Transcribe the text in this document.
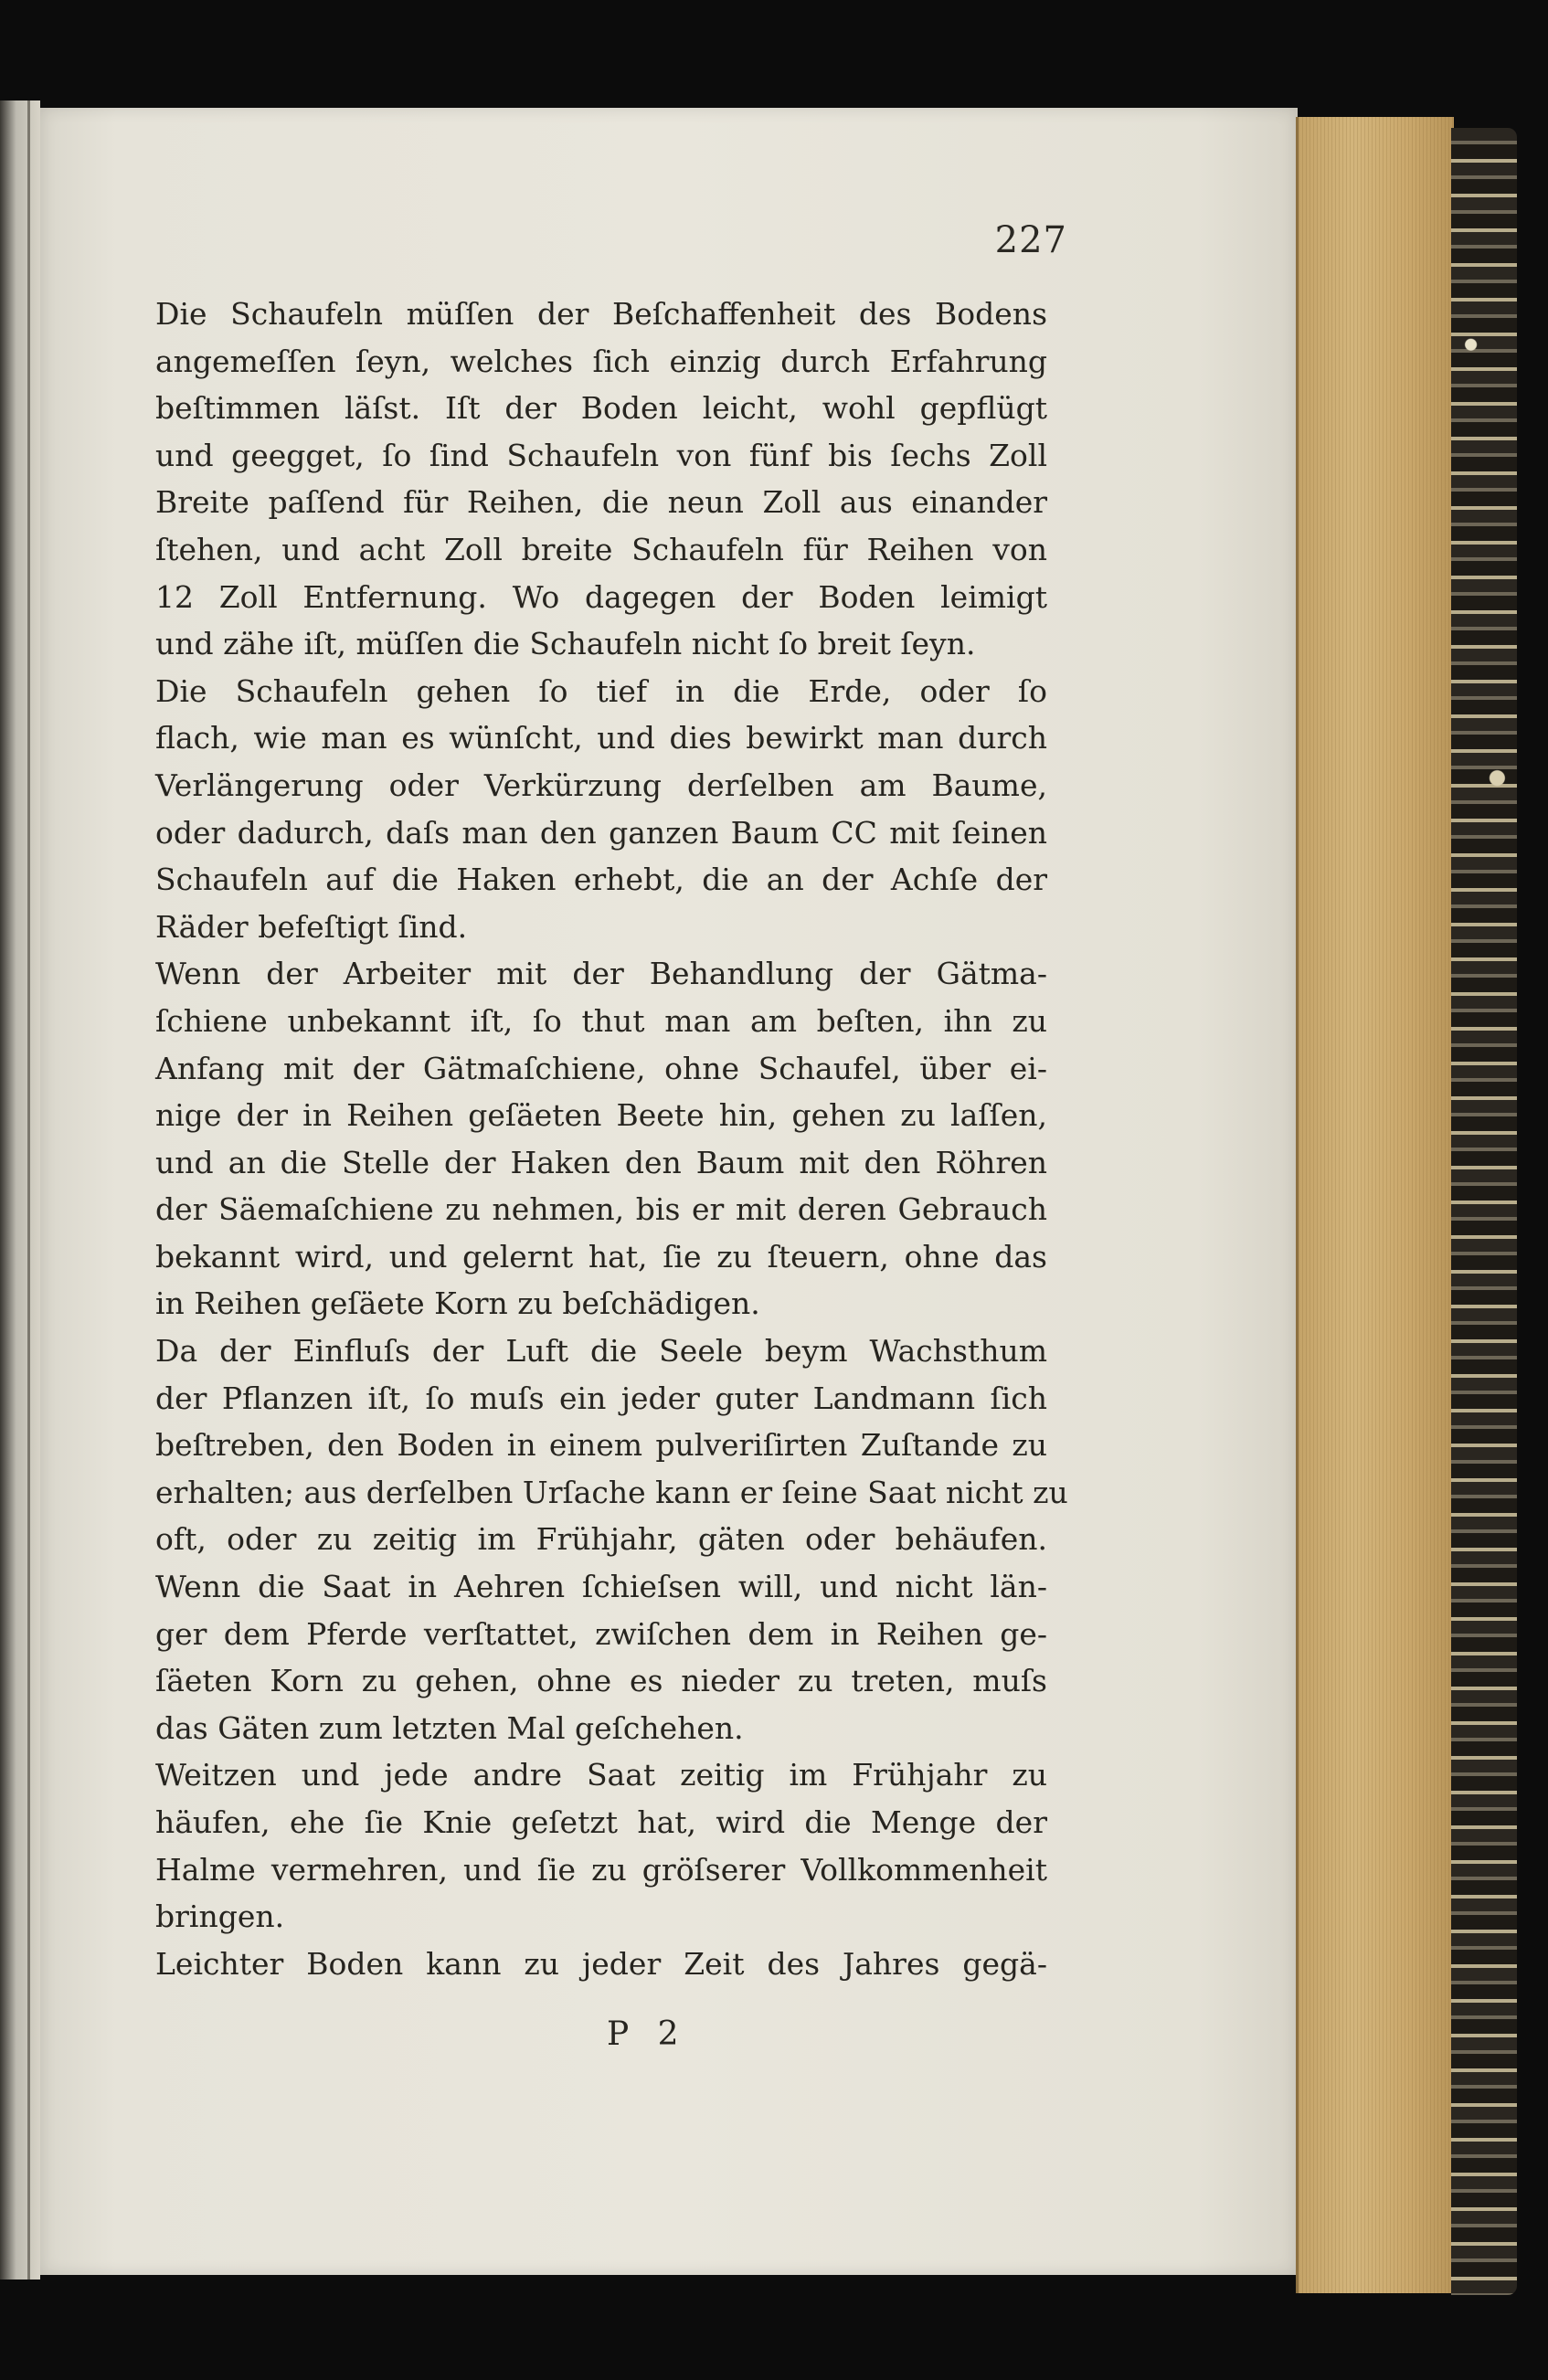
227

Die Schaufeln müſſen der Beſchaffenheit des Bodens
angemeſſen ſeyn, welches ſich einzig durch Erfahrung
beſtimmen läſst. Iſt der Boden leicht, wohl gepflügt
und geegget, ſo ſind Schaufeln von fünf bis ſechs Zoll
Breite paſſend für Reihen, die neun Zoll aus einander
ſtehen, und acht Zoll breite Schaufeln für Reihen von
12 Zoll Entfernung. Wo dagegen der Boden leimigt
und zähe iſt, müſſen die Schaufeln nicht ſo breit ſeyn.

Die Schaufeln gehen ſo tief in die Erde, oder ſo
flach, wie man es wünſcht, und dies bewirkt man durch
Verlängerung oder Verkürzung derſelben am Baume,
oder dadurch, daſs man den ganzen Baum CC mit ſeinen
Schaufeln auf die Haken erhebt, die an der Achſe der
Räder befeſtigt ſind.

Wenn der Arbeiter mit der Behandlung der Gätma-
ſchiene unbekannt iſt, ſo thut man am beſten, ihn zu
Anfang mit der Gätmaſchiene, ohne Schaufel, über ei-
nige der in Reihen geſäeten Beete hin, gehen zu laſſen,
und an die Stelle der Haken den Baum mit den Röhren
der Säemaſchiene zu nehmen, bis er mit deren Gebrauch
bekannt wird, und gelernt hat, ſie zu ſteuern, ohne das
in Reihen geſäete Korn zu beſchädigen.

Da der Einfluſs der Luft die Seele beym Wachsthum
der Pflanzen iſt, ſo muſs ein jeder guter Landmann ſich
beſtreben, den Boden in einem pulveriſirten Zuſtande zu
erhalten; aus derſelben Urſache kann er ſeine Saat nicht zu
oft, oder zu zeitig im Frühjahr, gäten oder behäufen.
Wenn die Saat in Aehren ſchieſsen will, und nicht län-
ger dem Pferde verſtattet, zwiſchen dem in Reihen ge-
ſäeten Korn zu gehen, ohne es nieder zu treten, muſs
das Gäten zum letzten Mal geſchehen.

Weitzen und jede andre Saat zeitig im Frühjahr zu
häufen, ehe ſie Knie geſetzt hat, wird die Menge der
Halme vermehren, und ſie zu gröſserer Vollkommenheit
bringen.

Leichter Boden kann zu jeder Zeit des Jahres gegä-

P 2
